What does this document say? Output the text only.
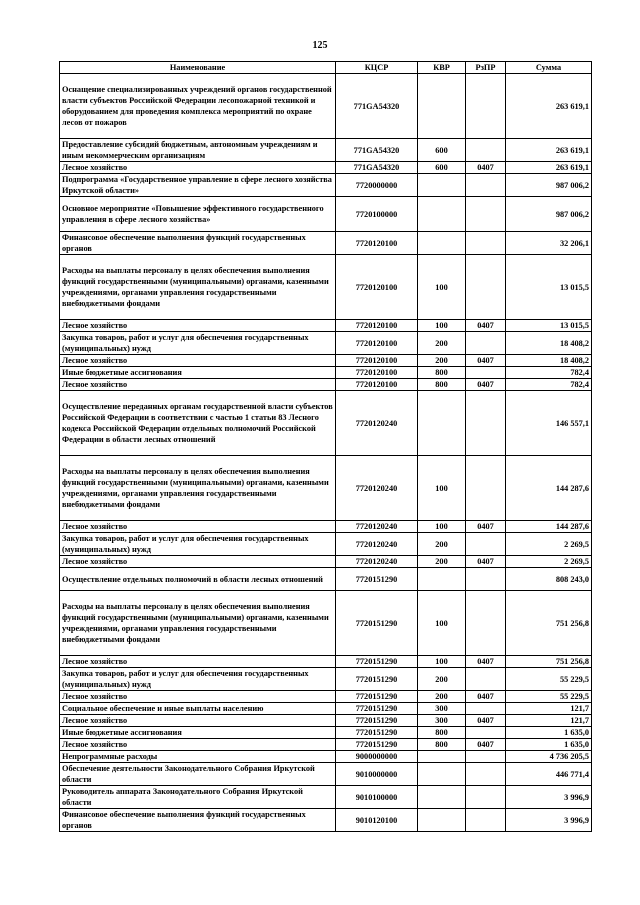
125
Наименование	КЦСР	КВР	РзПР	Сумма
Оснащение специализированных учреждений органов государственной власти субъектов Российской Федерации лесопожарной техникой и оборудованием для проведения комплекса мероприятий по охране лесов от пожаров	771GA54320			263 619,1
Предоставление субсидий бюджетным, автономным учреждениям и иным некоммерческим организациям	771GA54320	600		263 619,1
Лесное хозяйство	771GA54320	600	0407	263 619,1
Подпрограмма «Государственное управление в сфере лесного хозяйства Иркутской области»	7720000000			987 006,2
Основное мероприятие «Повышение эффективного государственного управления в сфере лесного хозяйства»	7720100000			987 006,2
Финансовое обеспечение выполнения функций государственных органов	7720120100			32 206,1
Расходы на выплаты персоналу в целях обеспечения выполнения функций государственными (муниципальными) органами, казенными учреждениями, органами управления государственными внебюджетными фондами	7720120100	100		13 015,5
Лесное хозяйство	7720120100	100	0407	13 015,5
Закупка товаров, работ и услуг для обеспечения государственных (муниципальных) нужд	7720120100	200		18 408,2
Лесное хозяйство	7720120100	200	0407	18 408,2
Иные бюджетные ассигнования	7720120100	800		782,4
Лесное хозяйство	7720120100	800	0407	782,4
Осуществление переданных органам государственной власти субъектов Российской Федерации в соответствии с частью 1 статьи 83 Лесного кодекса Российской Федерации отдельных полномочий Российской Федерации в области лесных отношений	7720120240			146 557,1
Расходы на выплаты персоналу в целях обеспечения выполнения функций государственными (муниципальными) органами, казенными учреждениями, органами управления государственными внебюджетными фондами	7720120240	100		144 287,6
Лесное хозяйство	7720120240	100	0407	144 287,6
Закупка товаров, работ и услуг для обеспечения государственных (муниципальных) нужд	7720120240	200		2 269,5
Лесное хозяйство	7720120240	200	0407	2 269,5
Осуществление отдельных полномочий в области лесных отношений	7720151290			808 243,0
Расходы на выплаты персоналу в целях обеспечения выполнения функций государственными (муниципальными) органами, казенными учреждениями, органами управления государственными внебюджетными фондами	7720151290	100		751 256,8
Лесное хозяйство	7720151290	100	0407	751 256,8
Закупка товаров, работ и услуг для обеспечения государственных (муниципальных) нужд	7720151290	200		55 229,5
Лесное хозяйство	7720151290	200	0407	55 229,5
Социальное обеспечение и иные выплаты населению	7720151290	300		121,7
Лесное хозяйство	7720151290	300	0407	121,7
Иные бюджетные ассигнования	7720151290	800		1 635,0
Лесное хозяйство	7720151290	800	0407	1 635,0
Непрограммные расходы	9000000000			4 736 205,5
Обеспечение деятельности Законодательного Собрания Иркутской области	9010000000			446 771,4
Руководитель аппарата Законодательного Собрания Иркутской области	9010100000			3 996,9
Финансовое обеспечение выполнения функций государственных органов	9010120100			3 996,9
